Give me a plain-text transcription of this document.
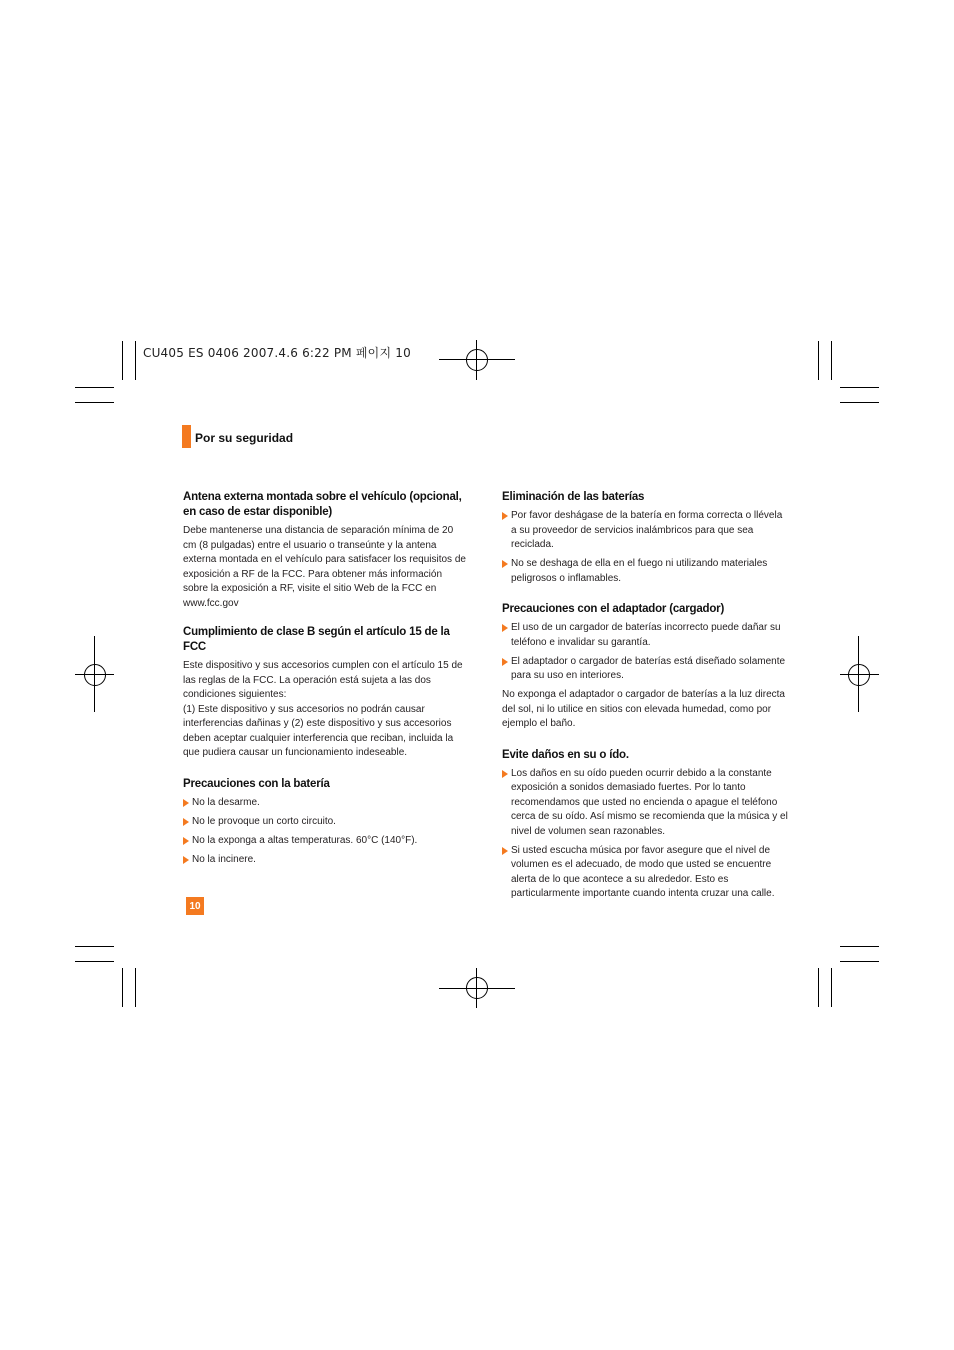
CU405 ES 0406 2007.4.6 6:22 PM 페이지 10
Por su seguridad
Antena externa montada sobre el vehículo (opcional, en caso de estar disponible)

Debe mantenerse una distancia de separación mínima de 20 cm (8 pulgadas) entre el usuario o transeúnte y la antena externa montada en el vehículo para satisfacer los requisitos de exposición a RF de la FCC. Para obtener más información sobre la exposición a RF, visite el sitio Web de la FCC en www.fcc.gov

Cumplimiento de clase B según el artículo 15 de la FCC

Este dispositivo y sus accesorios cumplen con el artículo 15 de las reglas de la FCC. La operación está sujeta a las dos condiciones siguientes:

(1) Este dispositivo y sus accesorios no podrán causar interferencias dañinas y (2) este dispositivo y sus accesorios deben aceptar cualquier interferencia que reciban, incluida la que pudiera causar un funcionamiento indeseable.

Precauciones con la batería
No la desarme.
No le provoque un corto circuito.
No la exponga a altas temperaturas. 60°C (140°F).
No la incinere.
Eliminación de las baterías
Por favor deshágase de la batería en forma correcta o llévela a su proveedor de servicios inalámbricos para que sea reciclada.
No se deshaga de ella en el fuego ni utilizando materiales peligrosos o inflamables.
Precauciones con el adaptador (cargador)
El uso de un cargador de baterías incorrecto puede dañar su teléfono e invalidar su garantía.
El adaptador o cargador de baterías está diseñado solamente para su uso en interiores.

No exponga el adaptador o cargador de baterías a la luz directa del sol, ni lo utilice en sitios con elevada humedad, como por ejemplo el baño.

Evite daños en su o ído.
Los daños en su oído pueden ocurrir debido a la constante exposición a sonidos demasiado fuertes. Por lo tanto recomendamos que usted no encienda o apague el teléfono cerca de su oído. Así mismo se recomienda que la música y el nivel de volumen sean razonables.
Si usted escucha música por favor asegure que el nivel de volumen es el adecuado, de modo que usted se encuentre alerta de lo que acontece a su alrededor. Esto es particularmente importante cuando intenta cruzar una calle.
10
